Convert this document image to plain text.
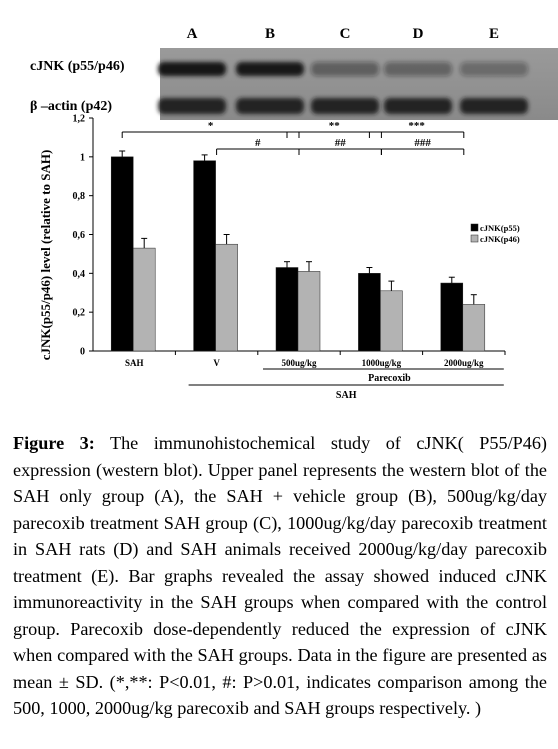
A	B	C	D	E
cJNK (p55/p46)
β –actin (p42)
cJNK(p55/p46) level (relative to SAH)	0
0,2
0,4
0,6
0,8
1
1,2
SAH	V	500ug/kg	1000ug/kg	2000ug/kg
*	**	***
#	##	###
cJNK(p55)
cJNK(p46)
Parecoxib
SAH
Figure 3: The immunohistochemical study of cJNK( P55/P46) expression (western blot). Upper panel represents the western blot of the SAH only group (A), the SAH + vehicle group (B), 500ug/kg/day parecoxib treatment SAH group (C), 1000ug/kg/day parecoxib treatment in SAH rats (D) and SAH animals received 2000ug/kg/day parecoxib treatment (E). Bar graphs revealed the assay showed induced cJNK immunoreactivity in the SAH groups when compared with the control group. Parecoxib dose-dependently reduced the expression of cJNK when compared with the SAH groups. Data in the figure are presented as mean ± SD. (*,**: P<0.01, #: P>0.01, indicates comparison among the 500, 1000, 2000ug/kg parecoxib and SAH groups respectively. )
